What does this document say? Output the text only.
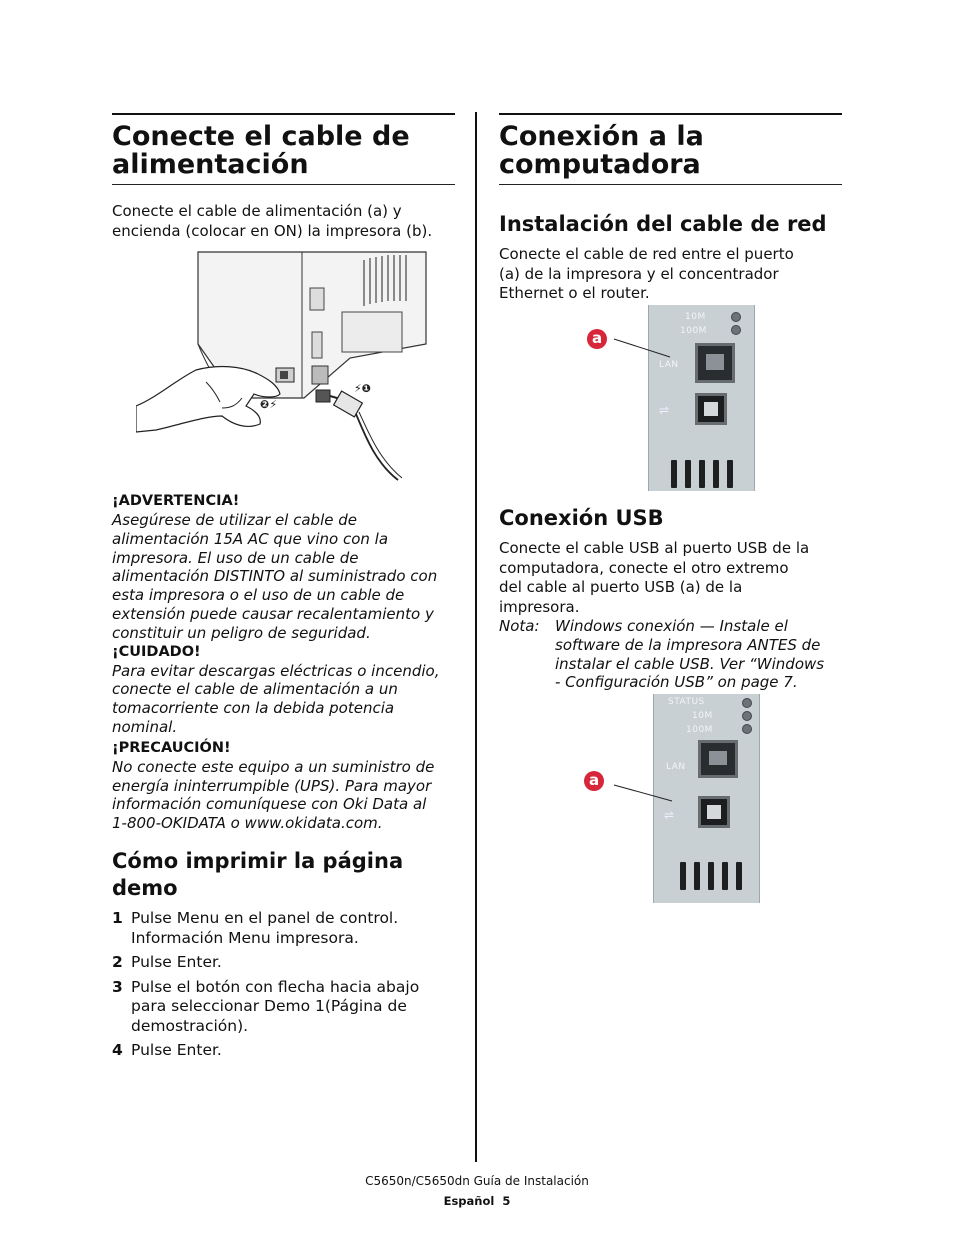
Conecte el cable de
alimentación

Conecte el cable de alimentación (a) y
encienda (colocar en ON) la impresora (b).
⚡❶
❷⚡
¡ADVERTENCIA!
Asegúrese de utilizar el cable de
alimentación 15A AC que vino con la
impresora. El uso de un cable de
alimentación DISTINTO al suministrado con
esta impresora o el uso de un cable de
extensión puede causar recalentamiento y
constituir un peligro de seguridad.
¡CUIDADO!
Para evitar descargas eléctricas o incendio,
conecte el cable de alimentación a un
tomacorriente con la debida potencia
nominal.
¡PRECAUCIÓN!
No conecte este equipo a un suministro de
energía ininterrumpible (UPS). Para mayor
información comuníquese con Oki Data al
1-800-OKIDATA o www.okidata.com.

Cómo imprimir la página
demo

1 Pulse Menu en el panel de control.
Información Menu impresora.
2 Pulse Enter.
3 Pulse el botón con flecha hacia abajo
para seleccionar Demo 1(Página de
demostración).
4 Pulse Enter.

Conexión a la
computadora

Instalación del cable de red

Conecte el cable de red entre el puerto
(a) de la impresora y el concentrador
Ethernet o el router.
10M
100M
LAN
⇌
a

Conexión USB

Conecte el cable USB al puerto USB de la
computadora, conecte el otro extremo
del cable al puerto USB (a) de la
impresora.
Nota: Windows conexión — Instale el
software de la impresora ANTES de
instalar el cable USB. Ver “Windows
- Configuración USB” on page 7.
STATUS
10M
100M
LAN
⇌
a
C5650n/C5650dn Guía de Instalación
Español 5
